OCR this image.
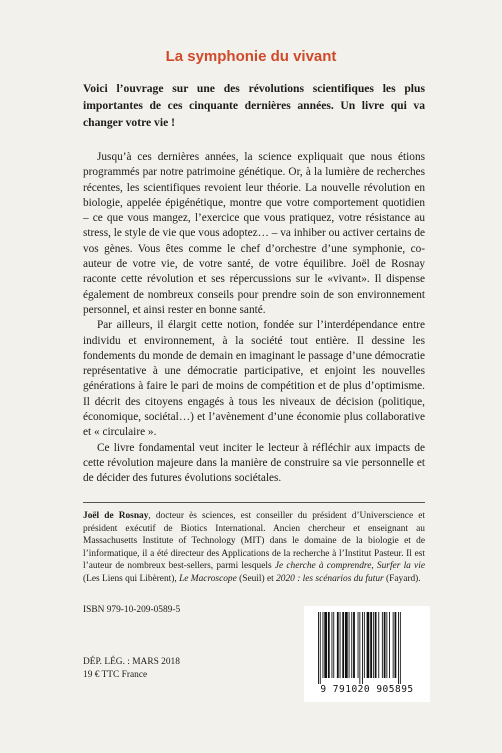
La symphonie du vivant
Voici l’ouvrage sur une des révolutions scientifiques les plus importantes de ces cinquante dernières années. Un livre qui va changer votre vie !

Jusqu’à ces dernières années, la science expliquait que nous étions programmés par notre patrimoine génétique. Or, à la lumière de recherches récentes, les scientifiques revoient leur théorie. La nouvelle révolution en biologie, appelée épigénétique, montre que votre comportement quotidien – ce que vous mangez, l’exercice que vous pratiquez, votre résistance au stress, le style de vie que vous adoptez… – va inhiber ou activer certains de vos gènes. Vous êtes comme le chef d’orchestre d’une symphonie, co-auteur de votre vie, de votre santé, de votre équilibre. Joël de Rosnay raconte cette révolution et ses répercussions sur le «vivant». Il dispense également de nombreux conseils pour prendre soin de son environnement personnel, et ainsi rester en bonne santé.

Par ailleurs, il élargit cette notion, fondée sur l’interdépendance entre individu et environnement, à la société tout entière. Il dessine les fondements du monde de demain en imaginant le passage d’une démocratie représentative à une démocratie participative, et enjoint les nouvelles générations à faire le pari de moins de compétition et de plus d’optimisme. Il décrit des citoyens engagés à tous les niveaux de décision (politique, économique, sociétal…) et l’avènement d’une économie plus collaborative et « circulaire ».

Ce livre fondamental veut inciter le lecteur à réfléchir aux impacts de cette révolution majeure dans la manière de construire sa vie personnelle et de décider des futures évolutions sociétales.

Joël de Rosnay, docteur ès sciences, est conseiller du président d’Universcience et président exécutif de Biotics International. Ancien chercheur et enseignant au Massachusetts Institute of Technology (MIT) dans le domaine de la biologie et de l’informatique, il a été directeur des Applications de la recherche à l’Institut Pasteur. Il est l’auteur de nombreux best-sellers, parmi lesquels Je cherche à comprendre, Surfer la vie (Les Liens qui Libèrent), Le Macroscope (Seuil) et 2020 : les scénarios du futur (Fayard).
ISBN 979-10-209-0589-5
DÉP. LÉG. : MARS 2018
19 € TTC France
9 791020 905895
